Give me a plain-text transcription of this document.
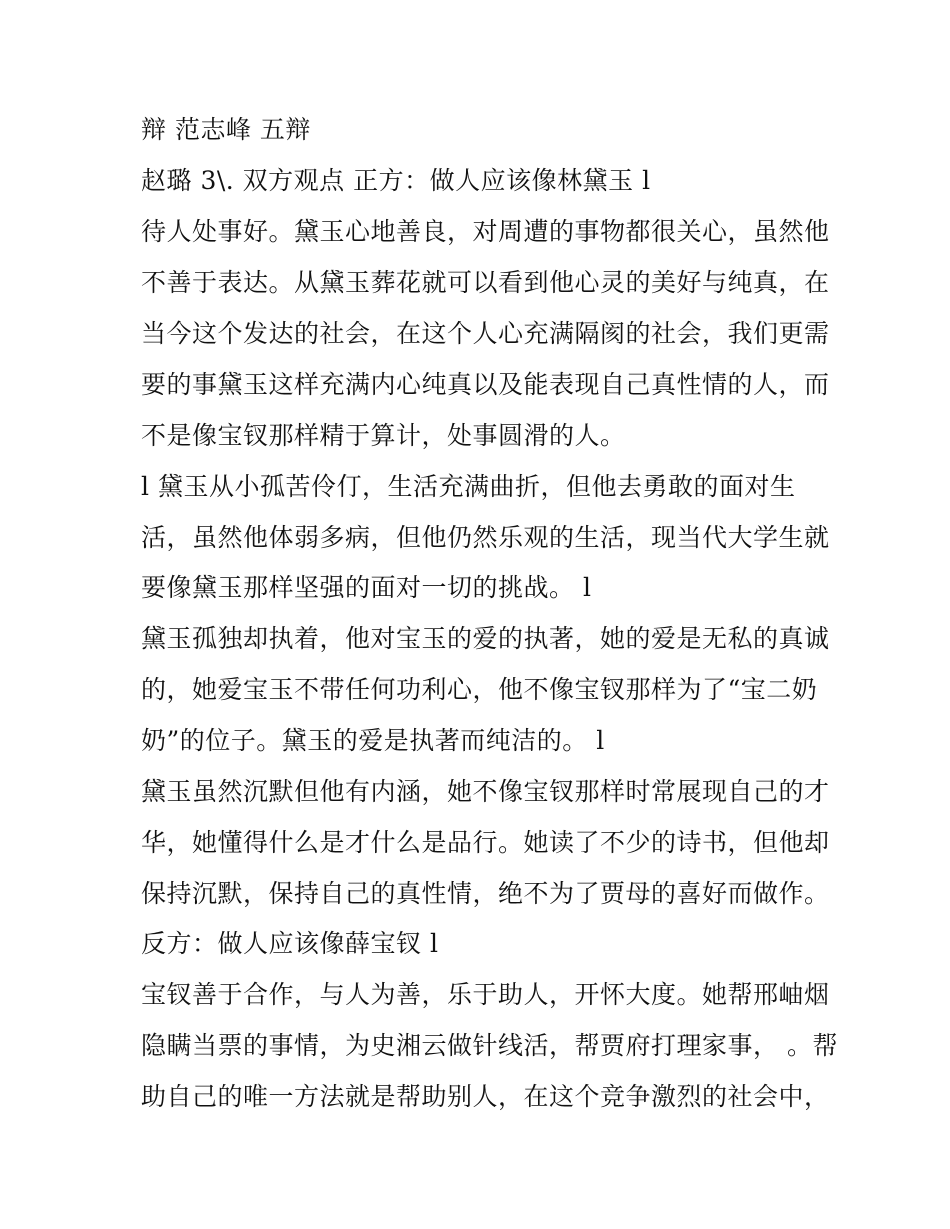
辩 范志峰 五辩
赵璐 3\. 双方观点 正方：做人应该像林黛玉 l
待人处事好。黛玉心地善良，对周遭的事物都很关心，虽然他
不善于表达。从黛玉葬花就可以看到他心灵的美好与纯真，在
当今这个发达的社会，在这个人心充满隔阂的社会，我们更需
要的事黛玉这样充满内心纯真以及能表现自己真性情的人，而
不是像宝钗那样精于算计，处事圆滑的人。
l 黛玉从小孤苦伶仃，生活充满曲折，但他去勇敢的面对生
活，虽然他体弱多病，但他仍然乐观的生活，现当代大学生就
要像黛玉那样坚强的面对一切的挑战。 l
黛玉孤独却执着，他对宝玉的爱的执著，她的爱是无私的真诚
的，她爱宝玉不带任何功利心，他不像宝钗那样为了“宝二奶
奶”的位子。黛玉的爱是执著而纯洁的。 l
黛玉虽然沉默但他有内涵，她不像宝钗那样时常展现自己的才
华，她懂得什么是才什么是品行。她读了不少的诗书，但他却
保持沉默，保持自己的真性情，绝不为了贾母的喜好而做作。
反方：做人应该像薛宝钗 l
宝钗善于合作，与人为善，乐于助人，开怀大度。她帮邢岫烟
隐瞒当票的事情，为史湘云做针线活，帮贾府打理家事， 。帮
助自己的唯一方法就是帮助别人，在这个竞争激烈的社会中，
